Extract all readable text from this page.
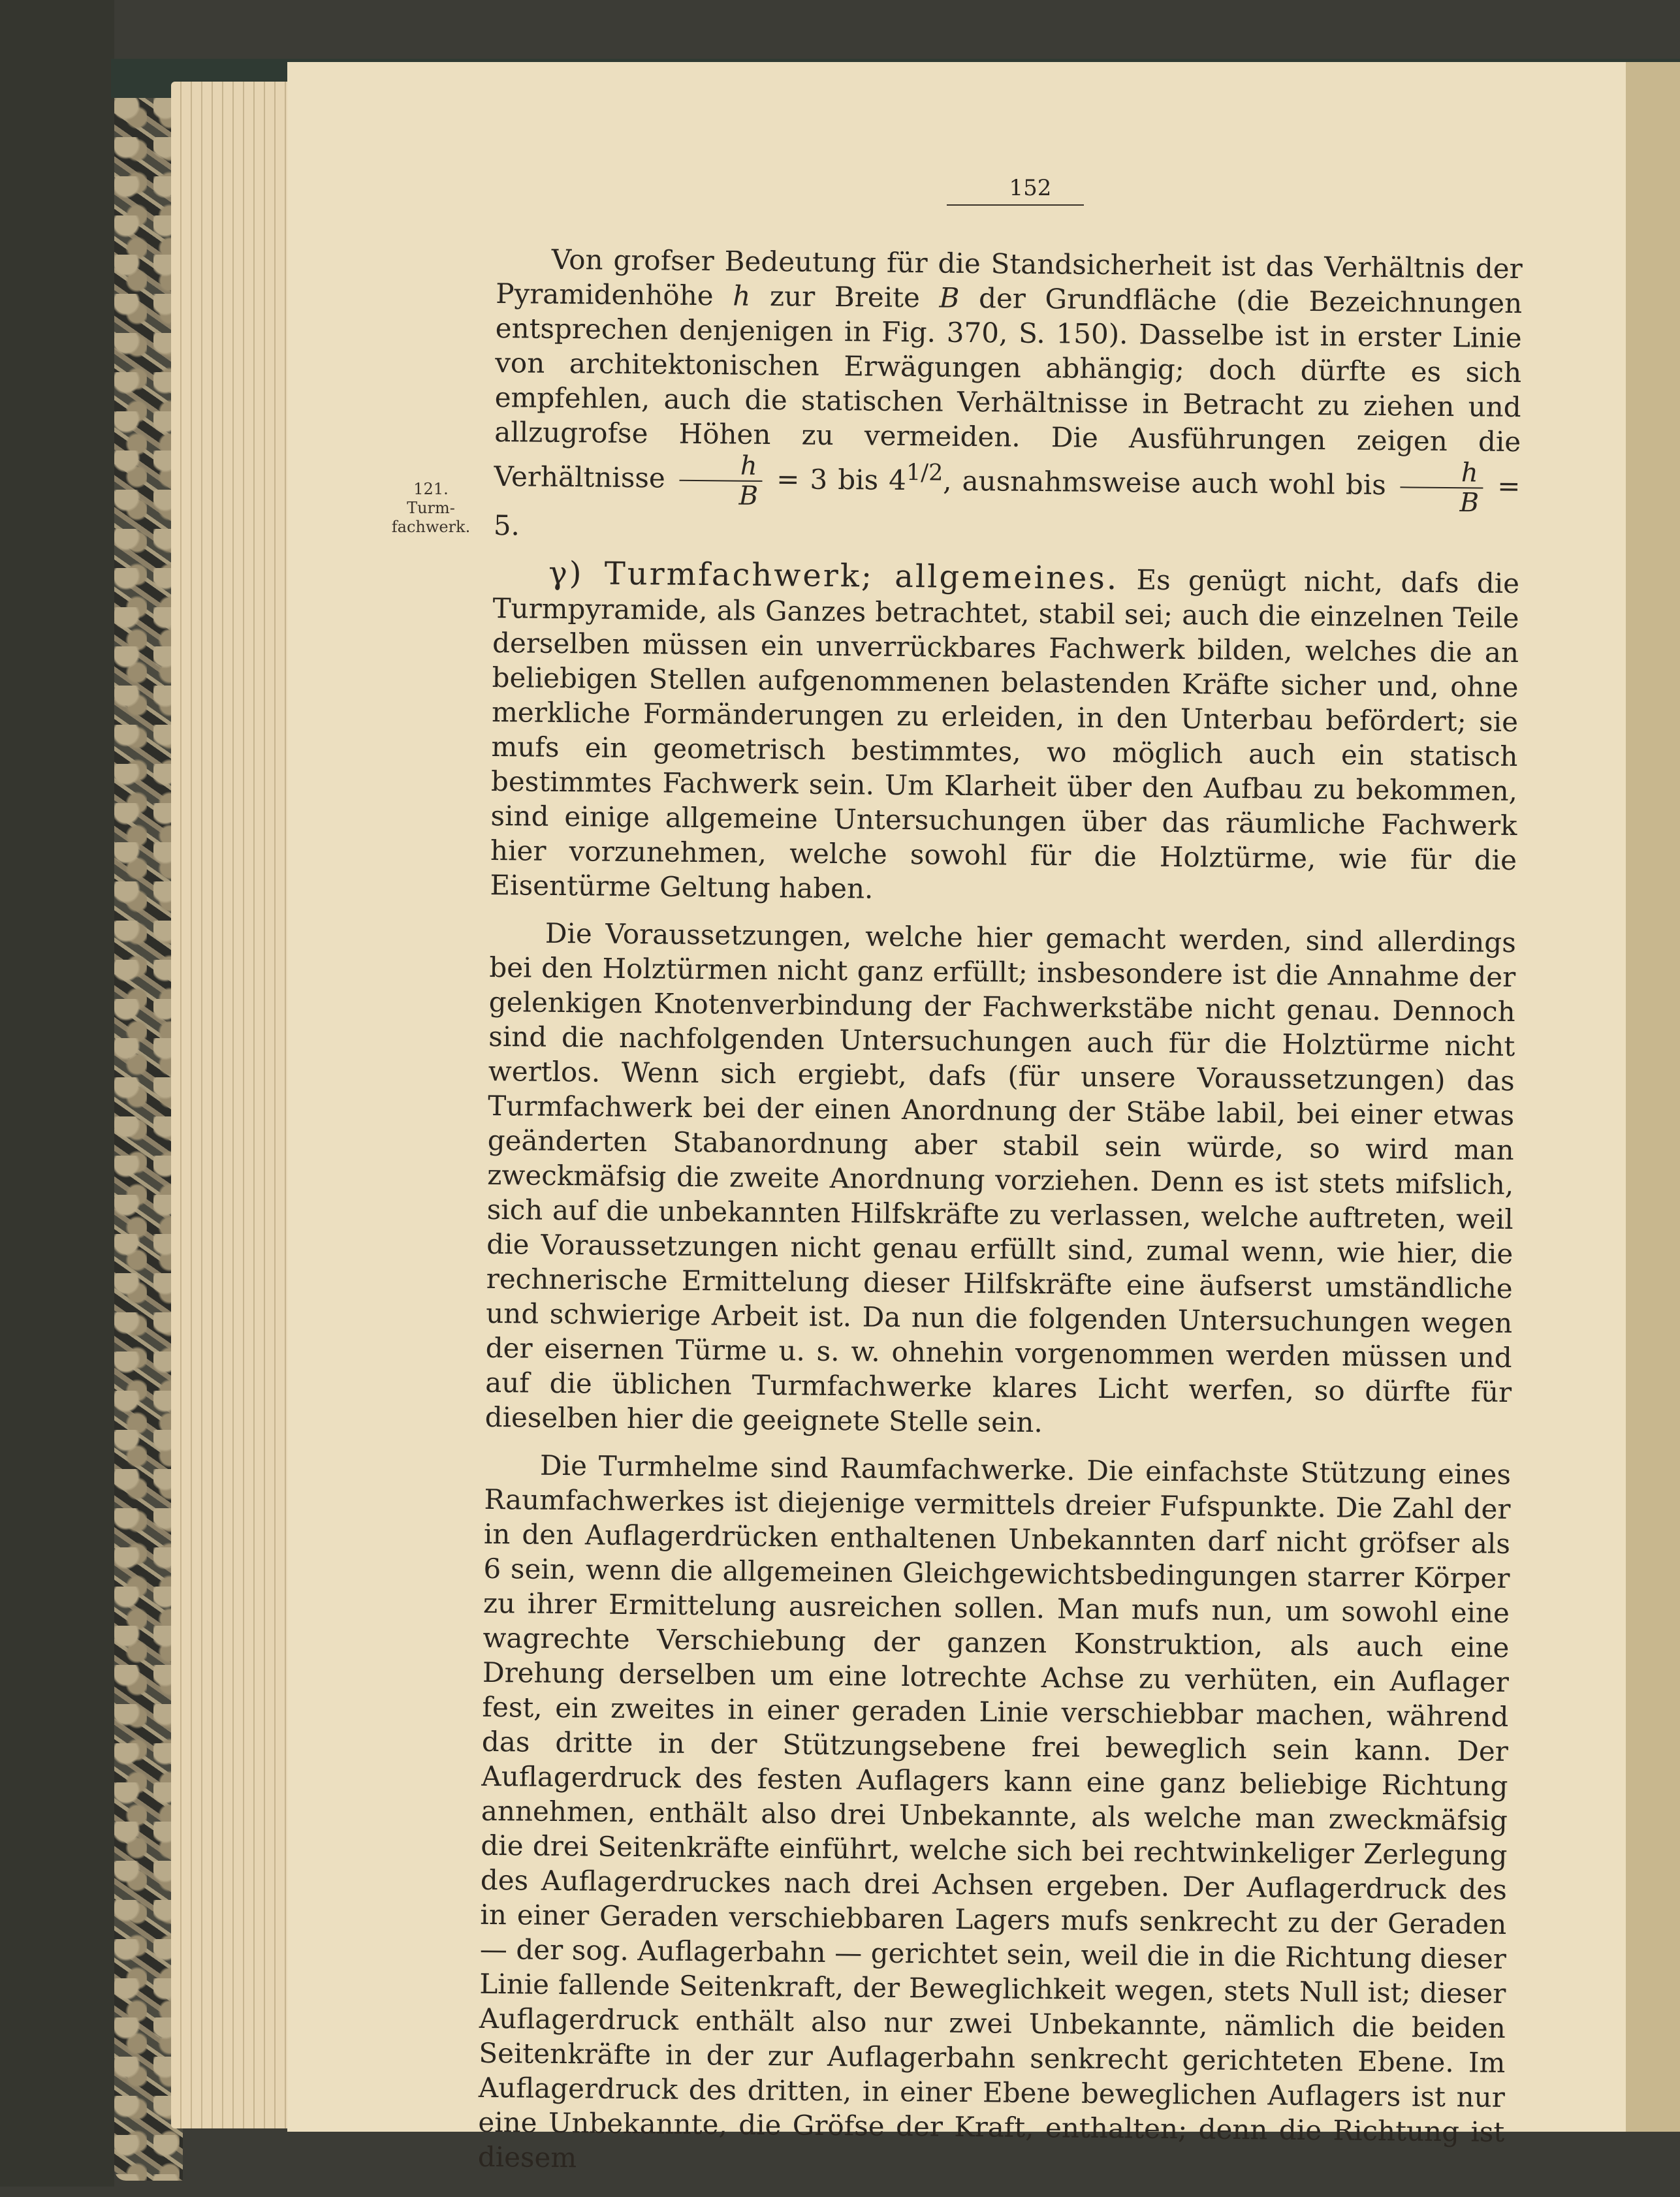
152
121.
Turm-
fachwerk.

Von grofser Bedeutung für die Standsicherheit ist das Verhältnis der Pyramidenhöhe h zur Breite B der Grundfläche (die Bezeichnungen entsprechen denjenigen in Fig. 370, S. 150). Dasselbe ist in erster Linie von architektonischen Erwägungen abhängig; doch dürfte es sich empfehlen, auch die statischen Verhältnisse in Betracht zu ziehen und allzugrofse Höhen zu vermeiden. Die Ausführungen zeigen die Verhältnisse $\frac{h}{B} = 3$ bis $4^{1/2}$, ausnahmsweise auch wohl bis $\frac{h}{B} = 5$.

γ) Turmfachwerk; allgemeines. Es genügt nicht, dafs die Turmpyramide, als Ganzes betrachtet, stabil sei; auch die einzelnen Teile derselben müssen ein unverrückbares Fachwerk bilden, welches die an beliebigen Stellen aufgenommenen belastenden Kräfte sicher und, ohne merkliche Formänderungen zu erleiden, in den Unterbau befördert; sie mufs ein geometrisch bestimmtes, wo möglich auch ein statisch bestimmtes Fachwerk sein. Um Klarheit über den Aufbau zu bekommen, sind einige allgemeine Untersuchungen über das räumliche Fachwerk hier vorzunehmen, welche sowohl für die Holztürme, wie für die Eisentürme Geltung haben.

Die Voraussetzungen, welche hier gemacht werden, sind allerdings bei den Holztürmen nicht ganz erfüllt; insbesondere ist die Annahme der gelenkigen Knotenverbindung der Fachwerkstäbe nicht genau. Dennoch sind die nachfolgenden Untersuchungen auch für die Holztürme nicht wertlos. Wenn sich ergiebt, dafs (für unsere Voraussetzungen) das Turmfachwerk bei der einen Anordnung der Stäbe labil, bei einer etwas geänderten Stabanordnung aber stabil sein würde, so wird man zweckmäfsig die zweite Anordnung vorziehen. Denn es ist stets mifslich, sich auf die unbekannten Hilfskräfte zu verlassen, welche auftreten, weil die Voraussetzungen nicht genau erfüllt sind, zumal wenn, wie hier, die rechnerische Ermittelung dieser Hilfskräfte eine äufserst umständliche und schwierige Arbeit ist. Da nun die folgenden Untersuchungen wegen der eisernen Türme u. s. w. ohnehin vorgenommen werden müssen und auf die üblichen Turmfachwerke klares Licht werfen, so dürfte für dieselben hier die geeignete Stelle sein.

Die Turmhelme sind Raumfachwerke. Die einfachste Stützung eines Raumfachwerkes ist diejenige vermittels dreier Fufspunkte. Die Zahl der in den Auflagerdrücken enthaltenen Unbekannten darf nicht gröfser als 6 sein, wenn die allgemeinen Gleichgewichtsbedingungen starrer Körper zu ihrer Ermittelung ausreichen sollen. Man mufs nun, um sowohl eine wagrechte Verschiebung der ganzen Konstruktion, als auch eine Drehung derselben um eine lotrechte Achse zu verhüten, ein Auflager fest, ein zweites in einer geraden Linie verschiebbar machen, während das dritte in der Stützungsebene frei beweglich sein kann. Der Auflagerdruck des festen Auflagers kann eine ganz beliebige Richtung annehmen, enthält also drei Unbekannte, als welche man zweckmäfsig die drei Seitenkräfte einführt, welche sich bei rechtwinkeliger Zerlegung des Auflagerdruckes nach drei Achsen ergeben. Der Auflagerdruck des in einer Geraden verschiebbaren Lagers mufs senkrecht zu der Geraden — der sog. Auflagerbahn — gerichtet sein, weil die in die Richtung dieser Linie fallende Seitenkraft, der Beweglichkeit wegen, stets Null ist; dieser Auflagerdruck enthält also nur zwei Unbekannte, nämlich die beiden Seitenkräfte in der zur Auflagerbahn senkrecht gerichteten Ebene. Im Auflagerdruck des dritten, in einer Ebene beweglichen Auflagers ist nur eine Unbekannte, die Gröfse der Kraft, enthalten; denn die Richtung ist diesem
